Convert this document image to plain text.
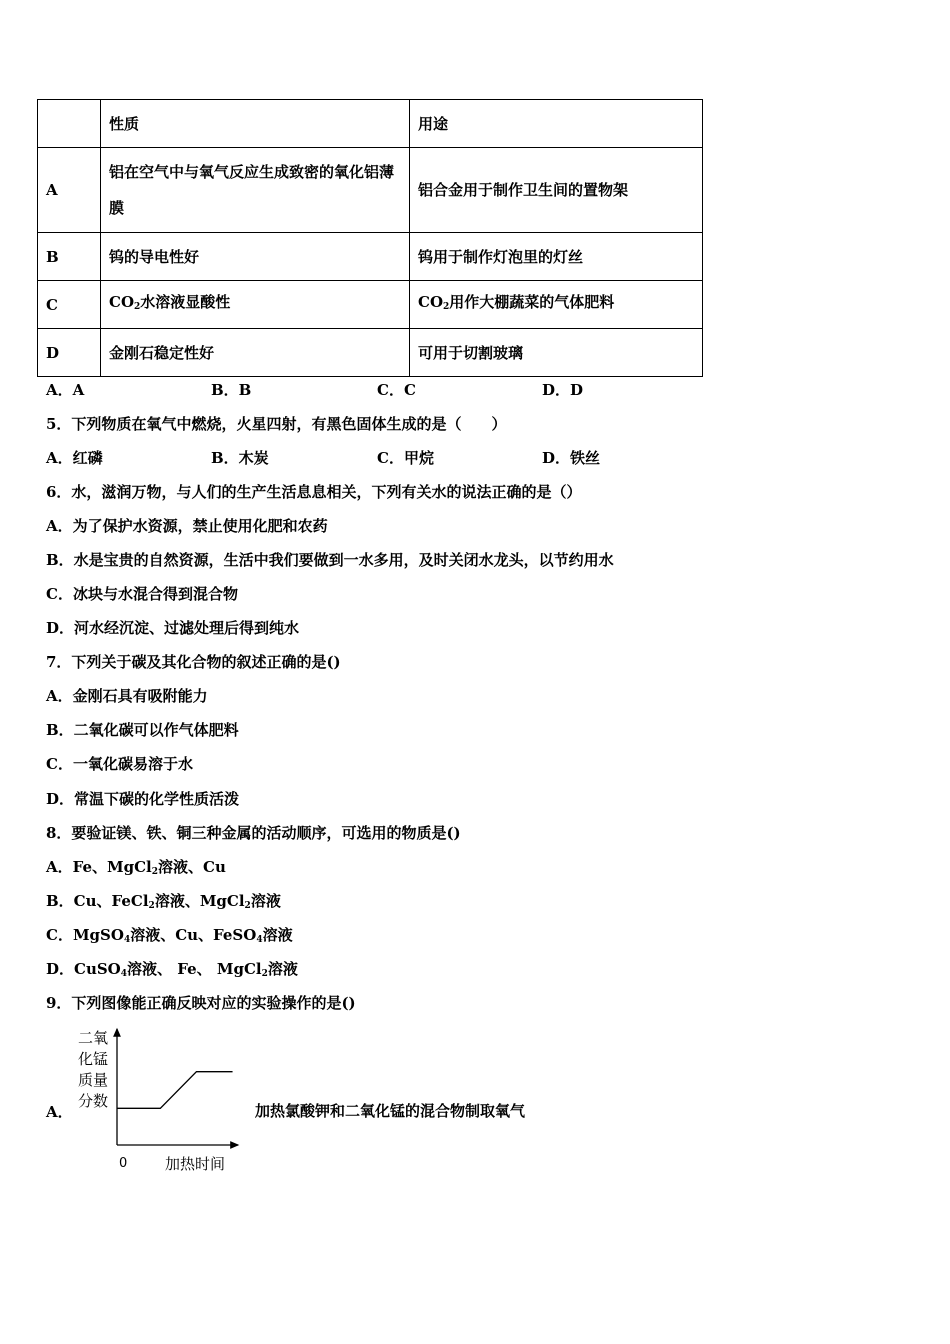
	性质	用途
A	铝在空气中与氧气反应生成致密的氧化铝薄膜	铝合金用于制作卫生间的置物架
B	钨的导电性好	钨用于制作灯泡里的灯丝
C	$CO_2$水溶液显酸性	$CO_2$用作大棚蔬菜的气体肥料
D	金刚石稳定性好	可用于切割玻璃
A．A	B．B	C．C	D．D
5．下列物质在氧气中燃烧，火星四射，有黑色固体生成的是（　　）
A．红磷	B．木炭	C．甲烷	D．铁丝
6．水，滋润万物，与人们的生产生活息息相关，下列有关水的说法正确的是（）
A．为了保护水资源，禁止使用化肥和农药
B．水是宝贵的自然资源，生活中我们要做到一水多用，及时关闭水龙头，以节约用水
C．冰块与水混合得到混合物
D．河水经沉淀、过滤处理后得到纯水
7．下列关于碳及其化合物的叙述正确的是()
A．金刚石具有吸附能力
B．二氧化碳可以作气体肥料
C．一氧化碳易溶于水
D．常温下碳的化学性质活泼
8．要验证镁、铁、铜三种金属的活动顺序，可选用的物质是()
A．Fe、MgCl$_2$溶液、Cu
B．Cu、FeCl$_2$溶液、MgCl$_2$溶液
C．MgSO$_4$溶液、Cu、FeSO$_4$溶液
D．CuSO$_4$溶液、 Fe、 MgCl$_2$溶液
9．下列图像能正确反映对应的实验操作的是()
A．
二氧
化锰
质量
分数
0	加热时间
加热氯酸钾和二氧化锰的混合物制取氧气
